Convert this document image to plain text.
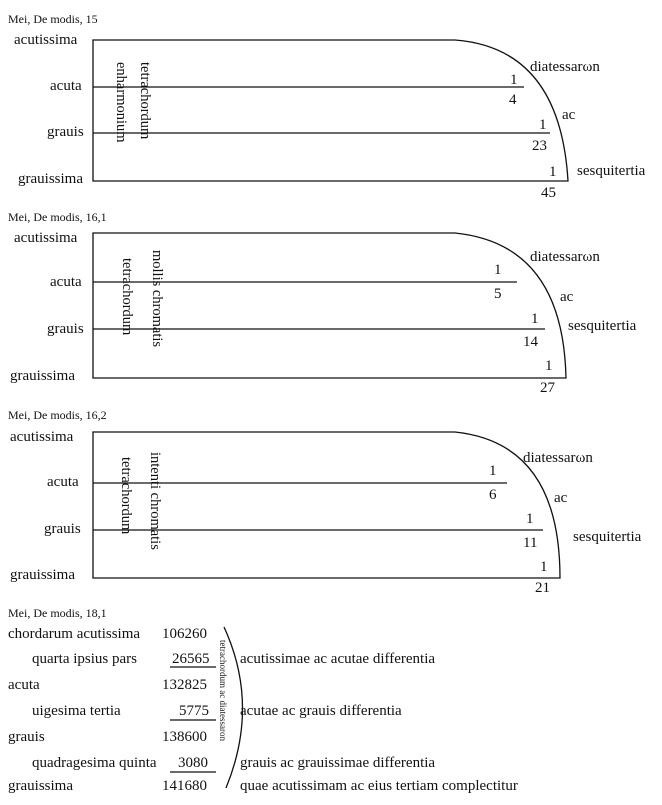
Mei, De modis, 15
acutissima
acuta
grauis
grauissima
diatessarωn
ac
sesquitertia
tetrachordum
enharmonium	1
4
1
23
1
45
Mei, De modis, 16,1
acutissima
acuta
grauis
grauissima
diatessarωn
ac
sesquitertia
mollis chromatis
tetrachordum	1
5
1
14
1
27
Mei, De modis, 16,2
acutissima
acuta
grauis
grauissima
diatessarωn
ac
sesquitertia
intenti chromatis
tetrachordum	1
6
1
11
1
21
Mei, De modis, 18,1
chordarum acutissima 106260
quarta ipsius pars 26565 acutissimae ac acutae differentia
acuta	132825
uigesima tertia	5775 acutae ac grauis differentia
grauis	138600
quadragesima quinta 3080 grauis ac grauissimae differentia
grauissima	141680 quae acutissimam ac eius tertiam complectitur
tetrachordum ac diatessaron
